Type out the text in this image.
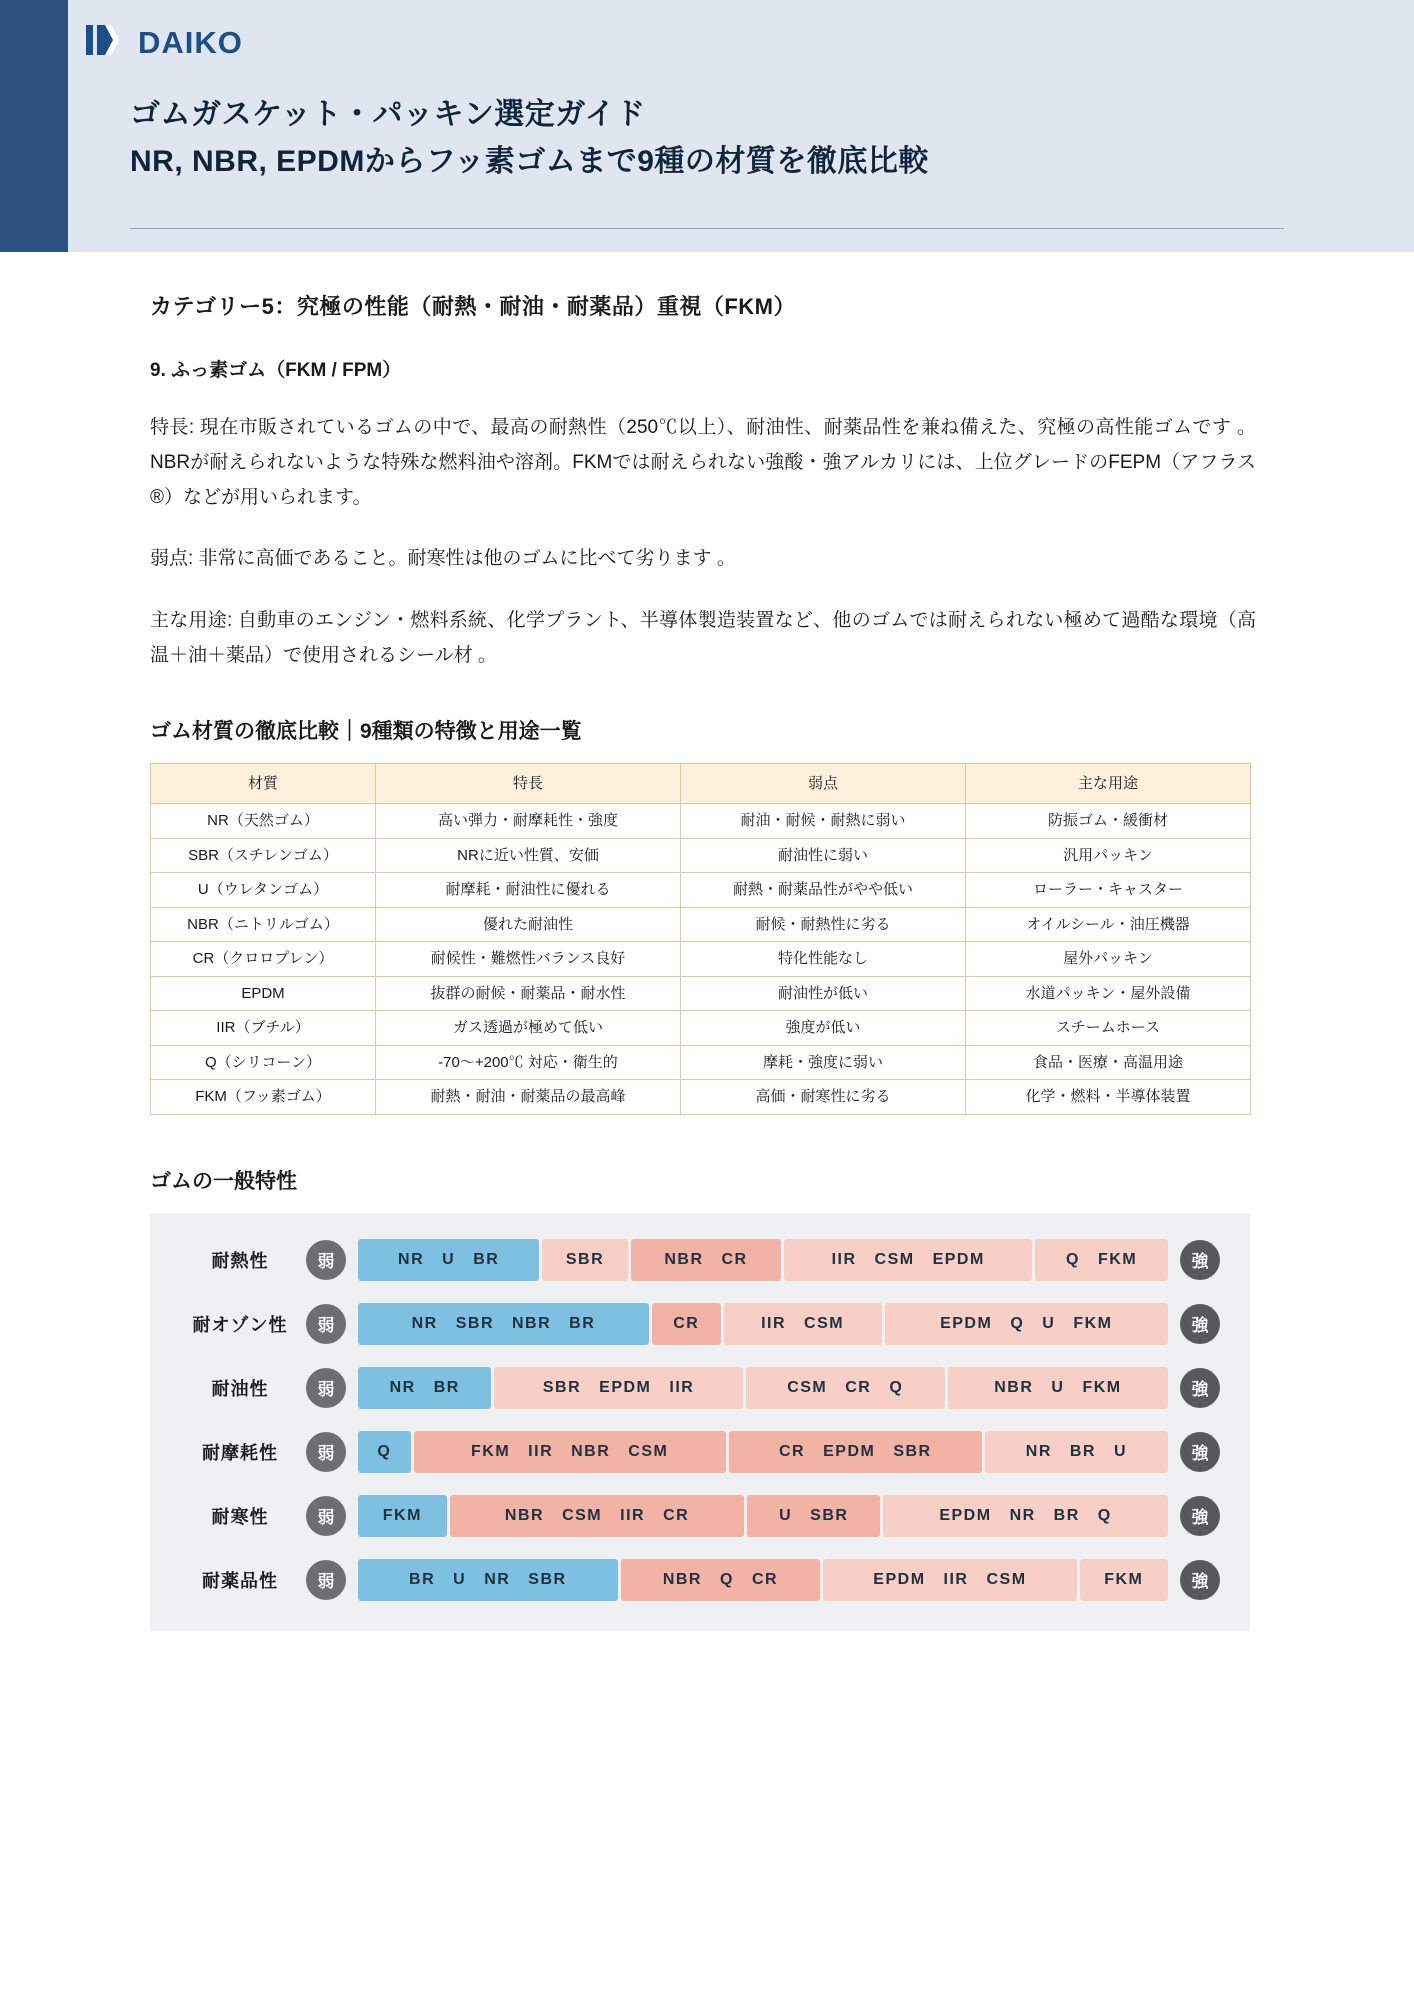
DAIKO
ゴムガスケット・パッキン選定ガイド
NR, NBR, EPDMからフッ素ゴムまで9種の材質を徹底比較
カテゴリー5：究極の性能（耐熱・耐油・耐薬品）重視（FKM）
9. ふっ素ゴム（FKM / FPM）

特長: 現在市販されているゴムの中で、最高の耐熱性（250℃以上）、耐油性、耐薬品性を兼ね備えた、究極の高性能ゴムです 。NBRが耐えられないような特殊な燃料油や溶剤。FKMでは耐えられない強酸・強アルカリには、上位グレードのFEPM（アフラス®）などが用いられます。

弱点: 非常に高価であること。耐寒性は他のゴムに比べて劣ります 。

主な用途: 自動車のエンジン・燃料系統、化学プラント、半導体製造装置など、他のゴムでは耐えられない極めて過酷な環境（高温＋油＋薬品）で使用されるシール材 。

ゴム材質の徹底比較｜9種類の特徴と用途一覧
材質	特長	弱点	主な用途
NR（天然ゴム）	高い弾力・耐摩耗性・強度	耐油・耐候・耐熱に弱い	防振ゴム・緩衝材
SBR（スチレンゴム）	NRに近い性質、安価	耐油性に弱い	汎用パッキン
U（ウレタンゴム）	耐摩耗・耐油性に優れる	耐熱・耐薬品性がやや低い	ローラー・キャスター
NBR（ニトリルゴム）	優れた耐油性	耐候・耐熱性に劣る	オイルシール・油圧機器
CR（クロロプレン）	耐候性・難燃性バランス良好	特化性能なし	屋外パッキン
EPDM	抜群の耐候・耐薬品・耐水性	耐油性が低い	水道パッキン・屋外設備
IIR（ブチル）	ガス透過が極めて低い	強度が低い	スチームホース
Q（シリコーン）	-70〜+200℃ 対応・衛生的	摩耗・強度に弱い	食品・医療・高温用途
FKM（フッ素ゴム）	耐熱・耐油・耐薬品の最高峰	高価・耐寒性に劣る	化学・燃料・半導体装置
ゴムの一般特性
耐熱性	弱	NR U BR	SBR	NBR CR	IIR CSM EPDM	Q FKM	強
耐オゾン性	弱	NR SBR NBR BR	CR	IIR CSM	EPDM Q U FKM	強
耐油性	弱	NR BR	SBR EPDM IIR	CSM CR Q	NBR U FKM	強
耐摩耗性	弱	Q	FKM IIR NBR CSM	CR EPDM SBR	NR BR U	強
耐寒性	弱	FKM	NBR CSM IIR CR	U SBR	EPDM NR BR Q	強
耐薬品性	弱	BR U NR SBR	NBR Q CR	EPDM IIR CSM	FKM	強
